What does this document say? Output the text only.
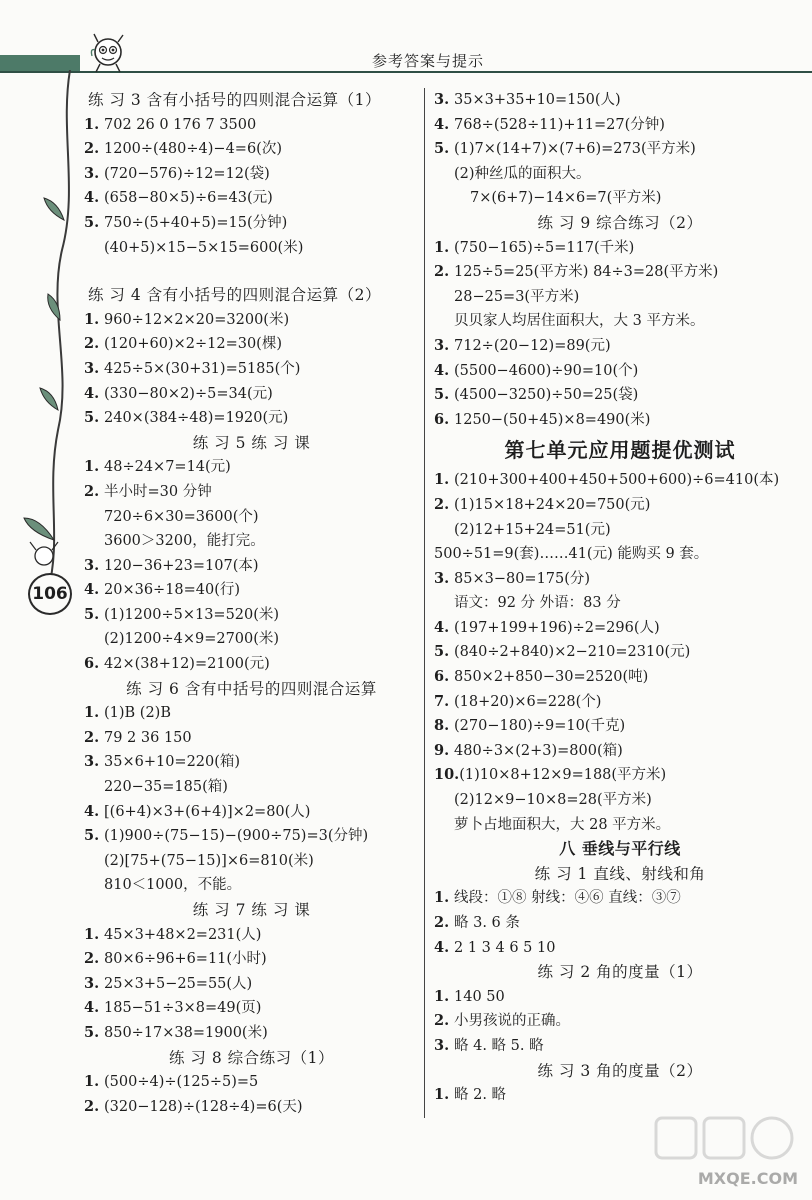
参考答案与提示
106
练 习 3 含有小括号的四则混合运算（1）
1. 702 26 0 176 7 3500
2. 1200÷(480÷4)−4=6(次)
3. (720−576)÷12=12(袋)
4. (658−80×5)÷6=43(元)
5. 750÷(5+40+5)=15(分钟)
(40+5)×15−5×15=600(米)
练 习 4 含有小括号的四则混合运算（2）
1. 960÷12×2×20=3200(米)
2. (120+60)×2÷12=30(棵)
3. 425÷5×(30+31)=5185(个)
4. (330−80×2)÷5=34(元)
5. 240×(384÷48)=1920(元)
练 习 5 练 习 课
1. 48÷24×7=14(元)
2. 半小时=30 分钟
720÷6×30=3600(个)
3600＞3200，能打完。
3. 120−36+23=107(本)
4. 20×36÷18=40(行)
5. (1)1200÷5×13=520(米)
(2)1200÷4×9=2700(米)
6. 42×(38+12)=2100(元)
练 习 6 含有中括号的四则混合运算
1. (1)B (2)B
2. 79 2 36 150
3. 35×6+10=220(箱)
220−35=185(箱)
4. [(6+4)×3+(6+4)]×2=80(人)
5. (1)900÷(75−15)−(900÷75)=3(分钟)
(2)[75+(75−15)]×6=810(米)
810＜1000，不能。
练 习 7 练 习 课
1. 45×3+48×2=231(人)
2. 80×6÷96+6=11(小时)
3. 25×3+5−25=55(人)
4. 185−51÷3×8=49(页)
5. 850÷17×38=1900(米)
练 习 8 综合练习（1）
1. (500÷4)÷(125÷5)=5
2. (320−128)÷(128÷4)=6(天)
3. 35×3+35+10=150(人)
4. 768÷(528÷11)+11=27(分钟)
5. (1)7×(14+7)×(7+6)=273(平方米)
(2)种丝瓜的面积大。
7×(6+7)−14×6=7(平方米)
练 习 9 综合练习（2）
1. (750−165)÷5=117(千米)
2. 125÷5=25(平方米) 84÷3=28(平方米)
28−25=3(平方米)
贝贝家人均居住面积大，大 3 平方米。
3. 712÷(20−12)=89(元)
4. (5500−4600)÷90=10(个)
5. (4500−3250)÷50=25(袋)
6. 1250−(50+45)×8=490(米)
第七单元应用题提优测试
1. (210+300+400+450+500+600)÷6=410(本)
2. (1)15×18+24×20=750(元)
(2)12+15+24=51(元)
500÷51=9(套)……41(元) 能购买 9 套。
3. 85×3−80=175(分)
语文：92 分 外语：83 分
4. (197+199+196)÷2=296(人)
5. (840÷2+840)×2−210=2310(元)
6. 850×2+850−30=2520(吨)
7. (18+20)×6=228(个)
8. (270−180)÷9=10(千克)
9. 480÷3×(2+3)=800(箱)
10.(1)10×8+12×9=188(平方米)
(2)12×9−10×8=28(平方米)
萝卜占地面积大，大 28 平方米。
八 垂线与平行线
练 习 1 直线、射线和角
1. 线段：①⑧ 射线：④⑥ 直线：③⑦
2. 略 3. 6 条
4. 2 1 3 4 6 5 10
练 习 2 角的度量（1）
1. 140 50
2. 小男孩说的正确。
3. 略 4. 略 5. 略
练 习 3 角的度量（2）
1. 略 2. 略
MXQE.COM
